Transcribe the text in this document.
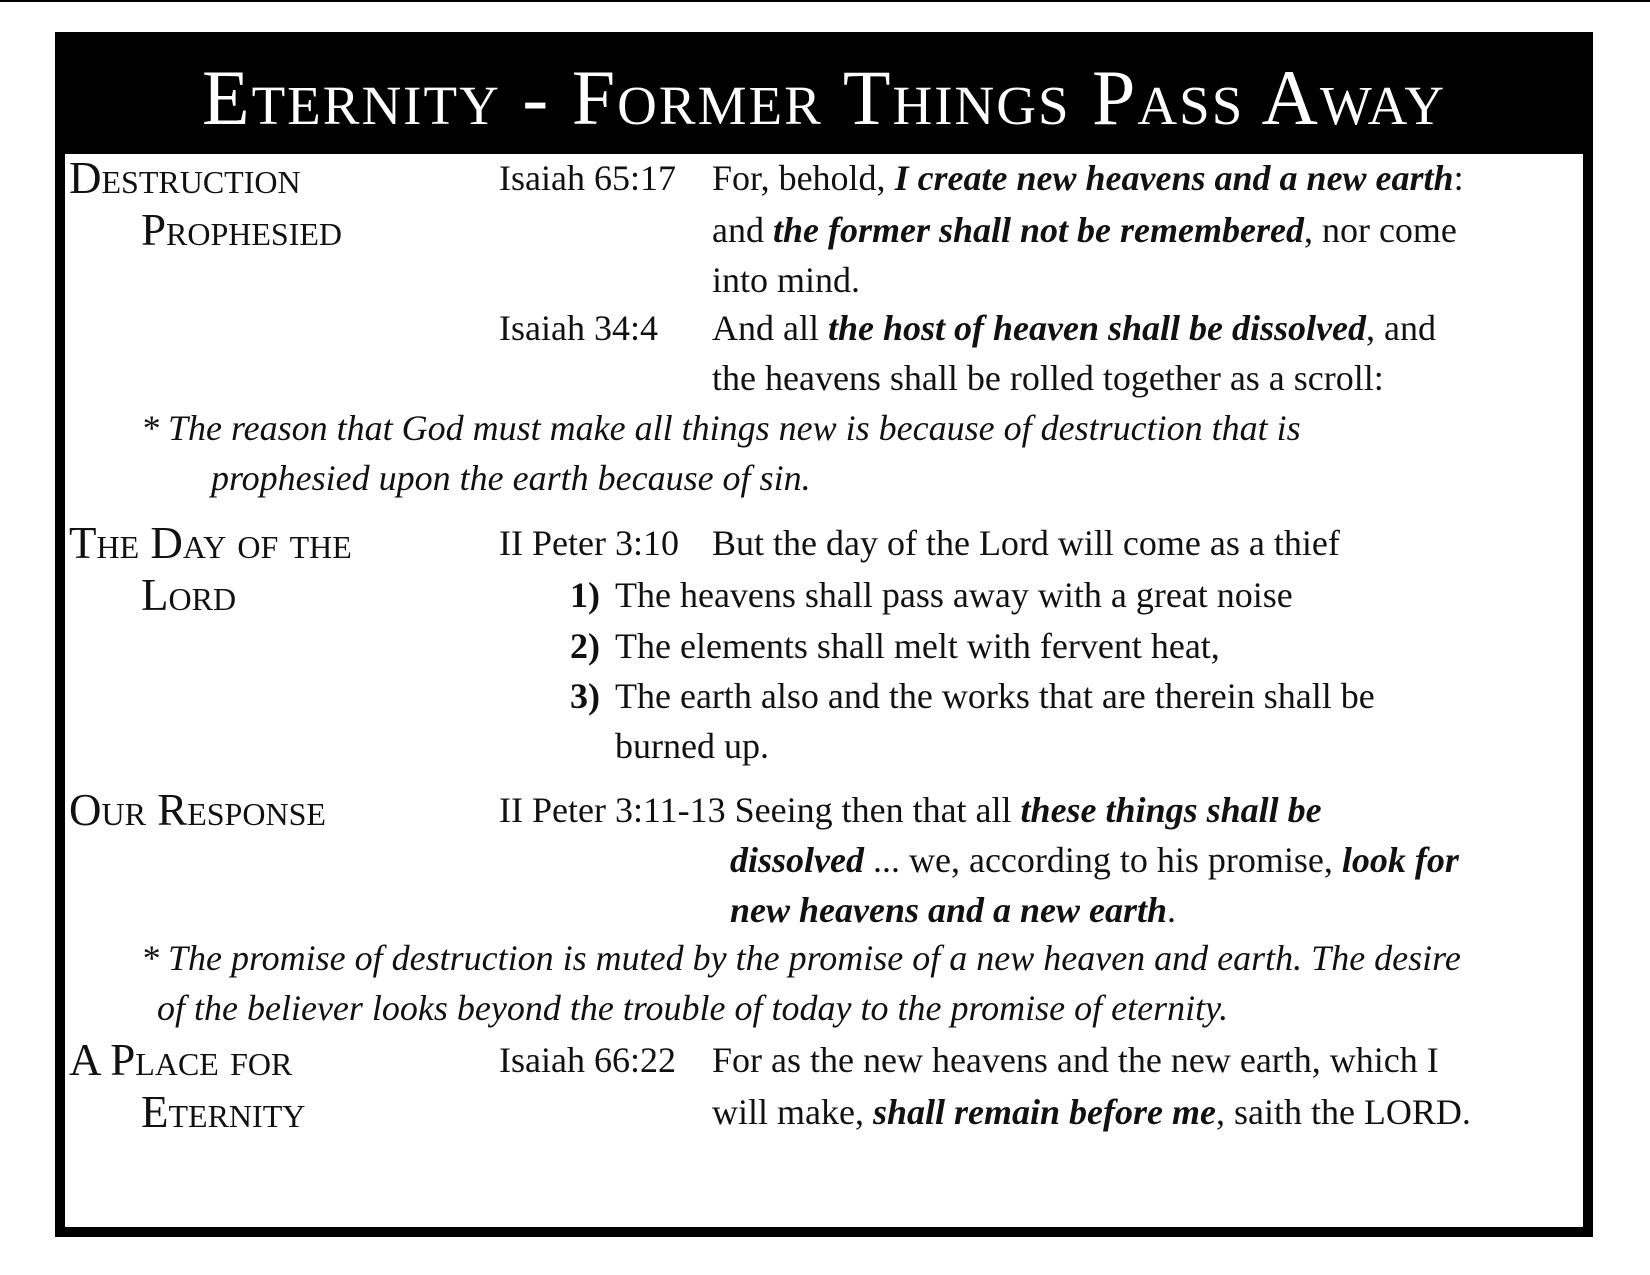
Eternity - Former Things Pass Away
Destruction
Prophesied
Isaiah 65:17 For, behold, I create new heavens and a new earth:
and the former shall not be remembered, nor come
into mind.
Isaiah 34:4 And all the host of heaven shall be dissolved, and
the heavens shall be rolled together as a scroll:
* The reason that God must make all things new is because of destruction that is
prophesied upon the earth because of sin.
The Day of the
Lord
II Peter 3:10 But the day of the Lord will come as a thief
1) The heavens shall pass away with a great noise
2) The elements shall melt with fervent heat,
3) The earth also and the works that are therein shall be
burned up.
Our Response	II Peter 3:11-13 Seeing then that all these things shall be
dissolved ... we, according to his promise, look for
new heavens and a new earth.
* The promise of destruction is muted by the promise of a new heaven and earth. The desire
of the believer looks beyond the trouble of today to the promise of eternity.
A Place for
Eternity
Isaiah 66:22 For as the new heavens and the new earth, which I
will make, shall remain before me, saith the LORD.
